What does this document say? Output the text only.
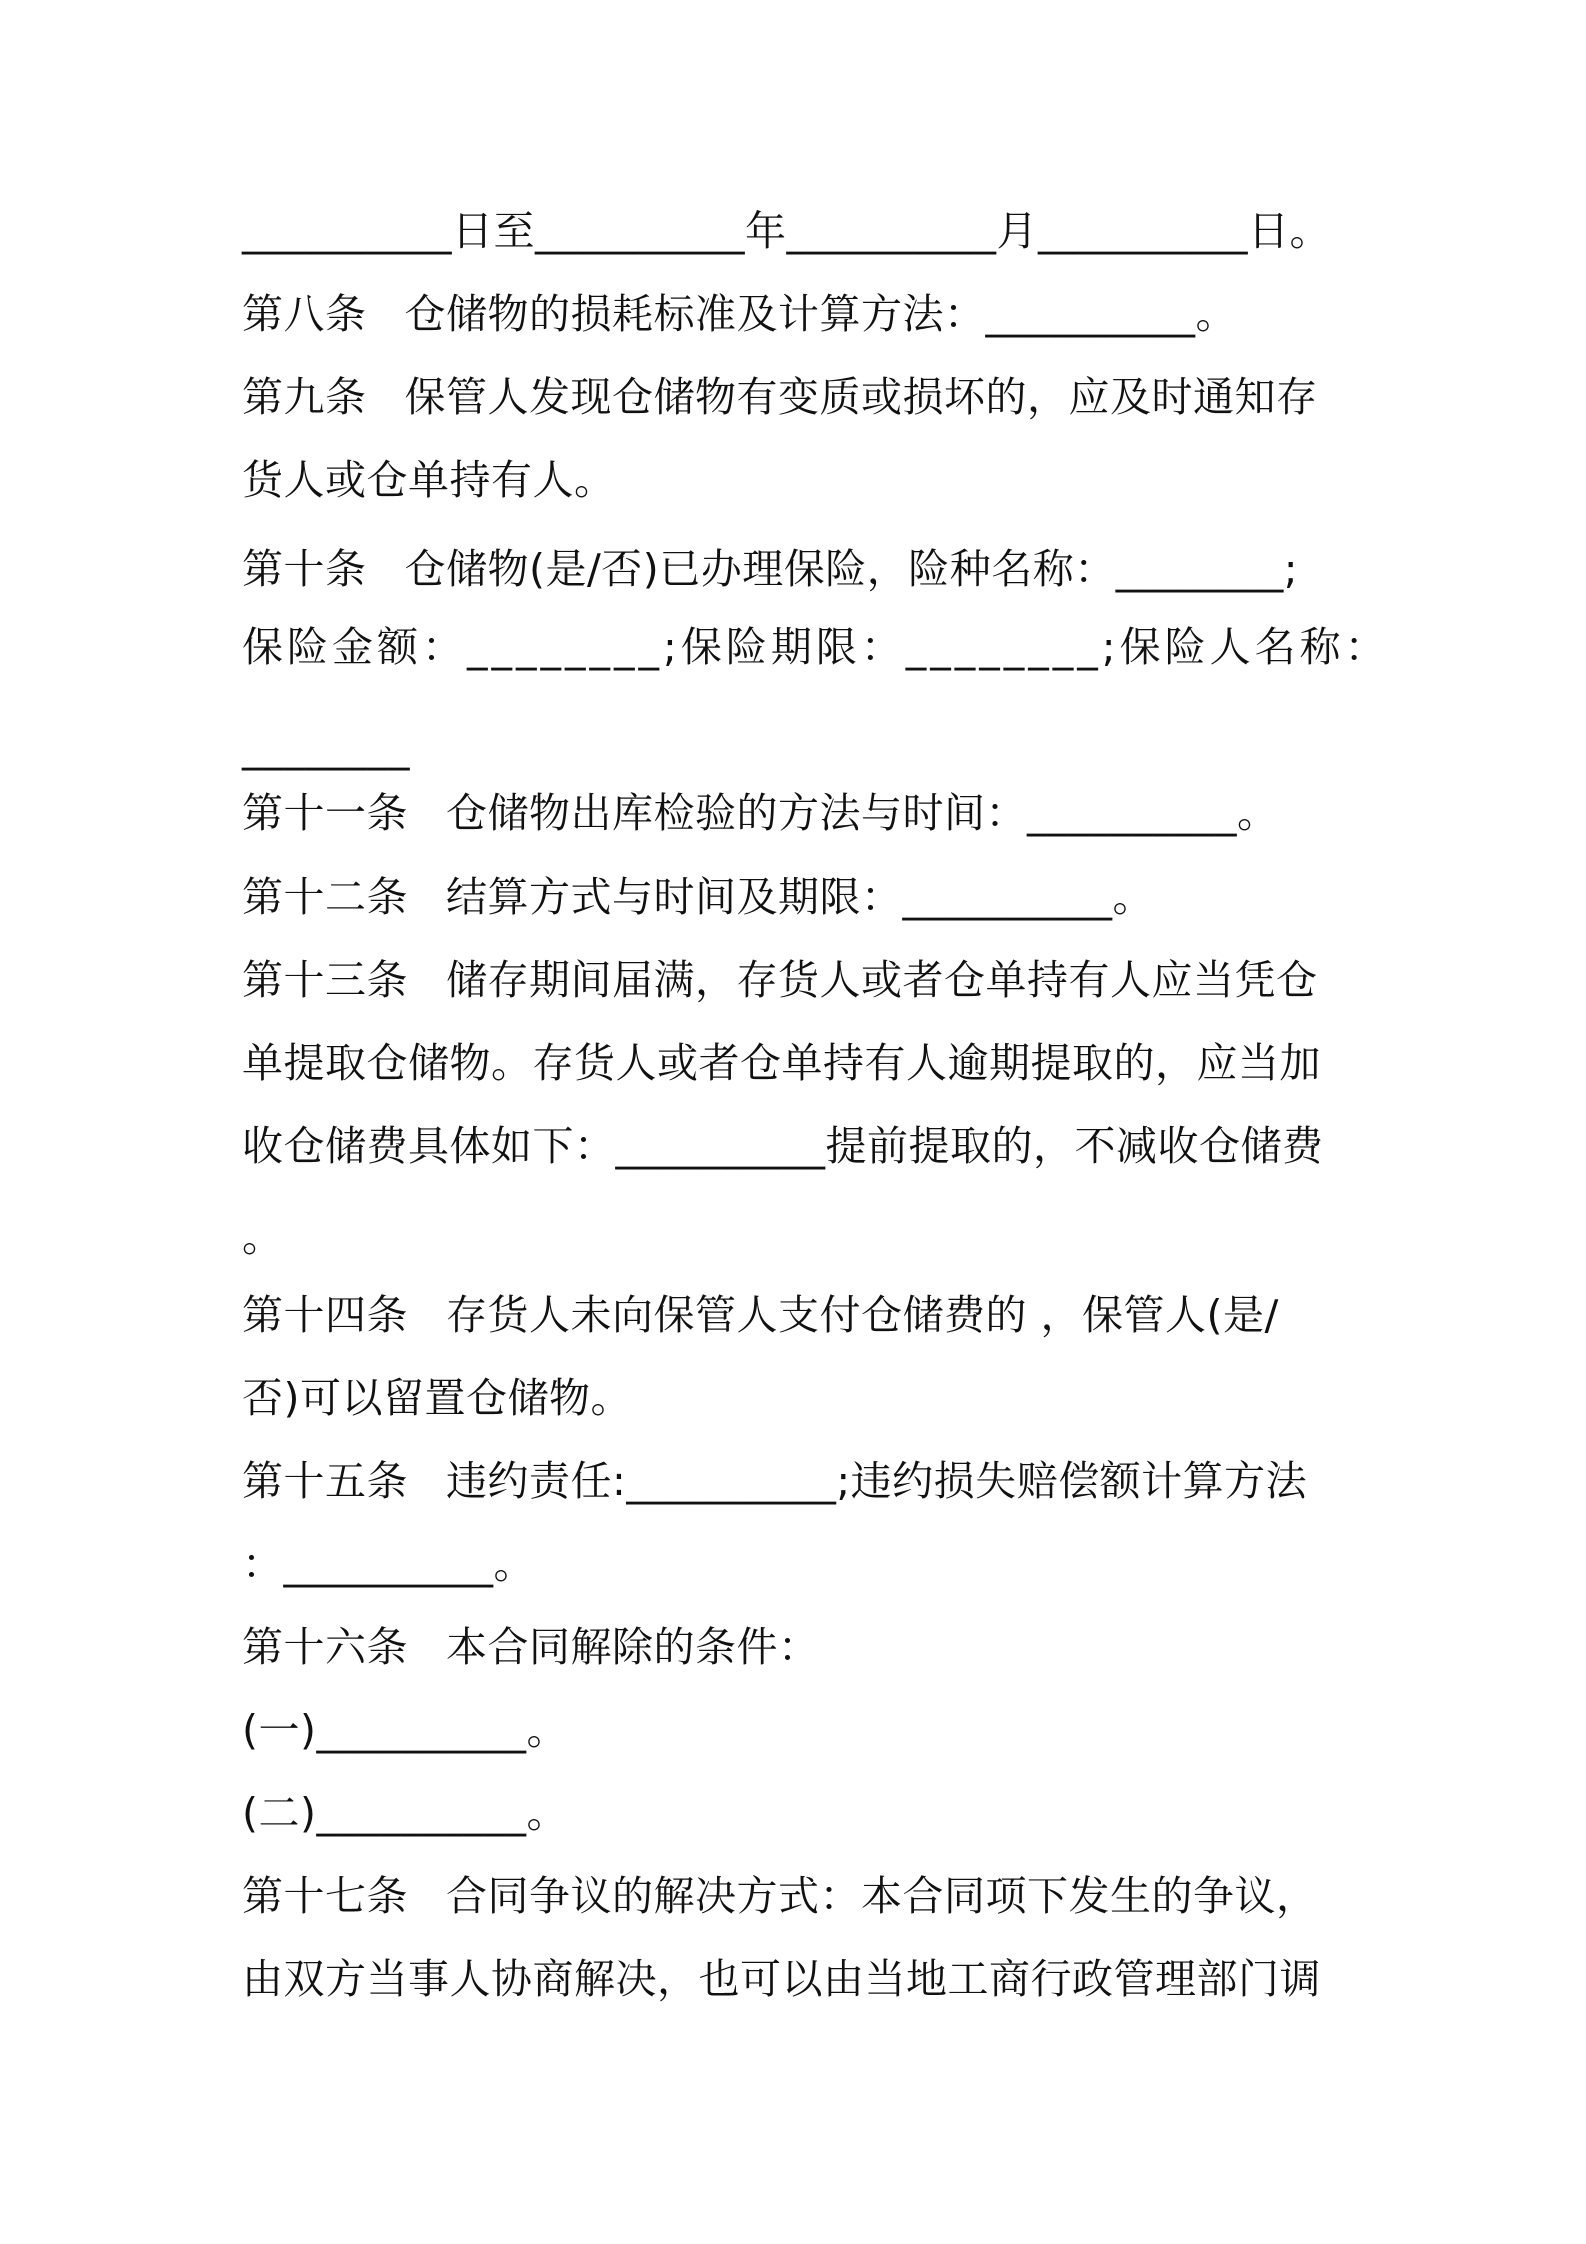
__________日至__________年__________月__________日。
第八条 仓储物的损耗标准及计算方法：__________。
第九条 保管人发现仓储物有变质或损坏的，应及时通知存
货人或仓单持有人。
第十条 仓储物(是/否)已办理保险，险种名称：________;
保险金额：________;保险期限：________;保险人名称：
________
第十一条 仓储物出库检验的方法与时间：__________。
第十二条 结算方式与时间及期限：__________。
第十三条 储存期间届满，存货人或者仓单持有人应当凭仓
单提取仓储物。存货人或者仓单持有人逾期提取的，应当加
收仓储费具体如下：__________提前提取的，不减收仓储费
。
第十四条 存货人未向保管人支付仓储费的 ，保管人(是/
否)可以留置仓储物。
第十五条 违约责任:__________;违约损失赔偿额计算方法
：__________。
第十六条 本合同解除的条件：
(一)__________。
(二)__________。
第十七条 合同争议的解决方式：本合同项下发生的争议，
由双方当事人协商解决，也可以由当地工商行政管理部门调
